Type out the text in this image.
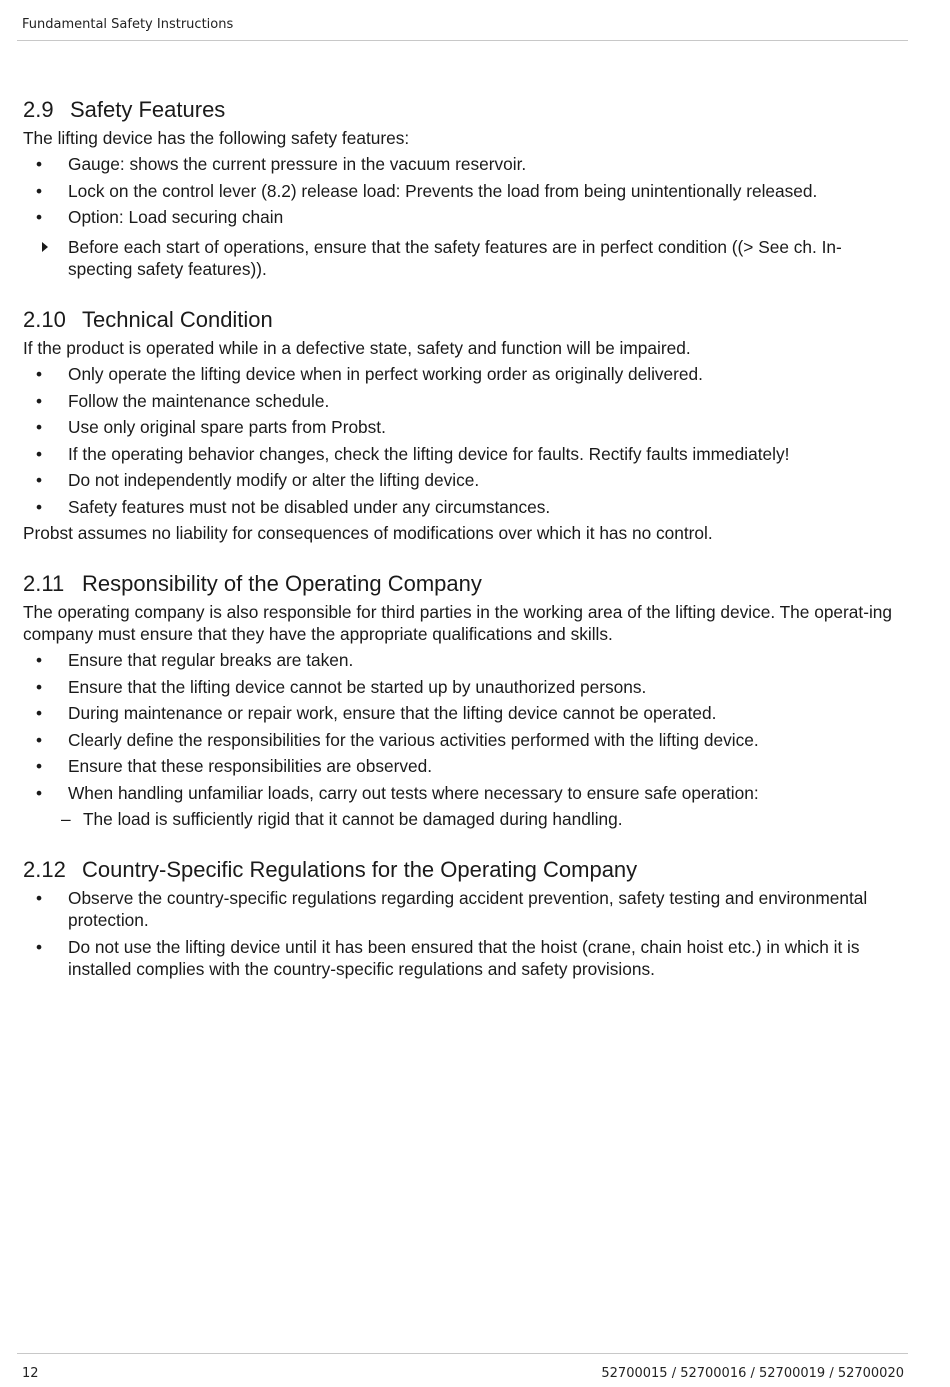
Fundamental Safety Instructions
2.9 Safety Features

The lifting device has the following safety features:

• Gauge: shows the current pressure in the vacuum reservoir.
• Lock on the control lever (8.2) release load: Prevents the load from being unintentionally released.
• Option: Load securing chain
Before each start of operations, ensure that the safety features are in perfect condition ((> See ch. In-specting safety features)).
2.10 Technical Condition

If the product is operated while in a defective state, safety and function will be impaired.

• Only operate the lifting device when in perfect working order as originally delivered.
• Follow the maintenance schedule.
• Use only original spare parts from Probst.
• If the operating behavior changes, check the lifting device for faults. Rectify faults immediately!
• Do not independently modify or alter the lifting device.
• Safety features must not be disabled under any circumstances.

Probst assumes no liability for consequences of modifications over which it has no control.

2.11 Responsibility of the Operating Company

The operating company is also responsible for third parties in the working area of the lifting device. The operat-ing company must ensure that they have the appropriate qualifications and skills.

• Ensure that regular breaks are taken.
• Ensure that the lifting device cannot be started up by unauthorized persons.
• During maintenance or repair work, ensure that the lifting device cannot be operated.
• Clearly define the responsibilities for the various activities performed with the lifting device.
• Ensure that these responsibilities are observed.
• When handling unfamiliar loads, carry out tests where necessary to ensure safe operation:
– The load is sufficiently rigid that it cannot be damaged during handling.
2.12 Country-Specific Regulations for the Operating Company
• Observe the country-specific regulations regarding accident prevention, safety testing and environmental protection.
• Do not use the lifting device until it has been ensured that the hoist (crane, chain hoist etc.) in which it is installed complies with the country-specific regulations and safety provisions.
12	52700015 / 52700016 / 52700019 / 52700020
